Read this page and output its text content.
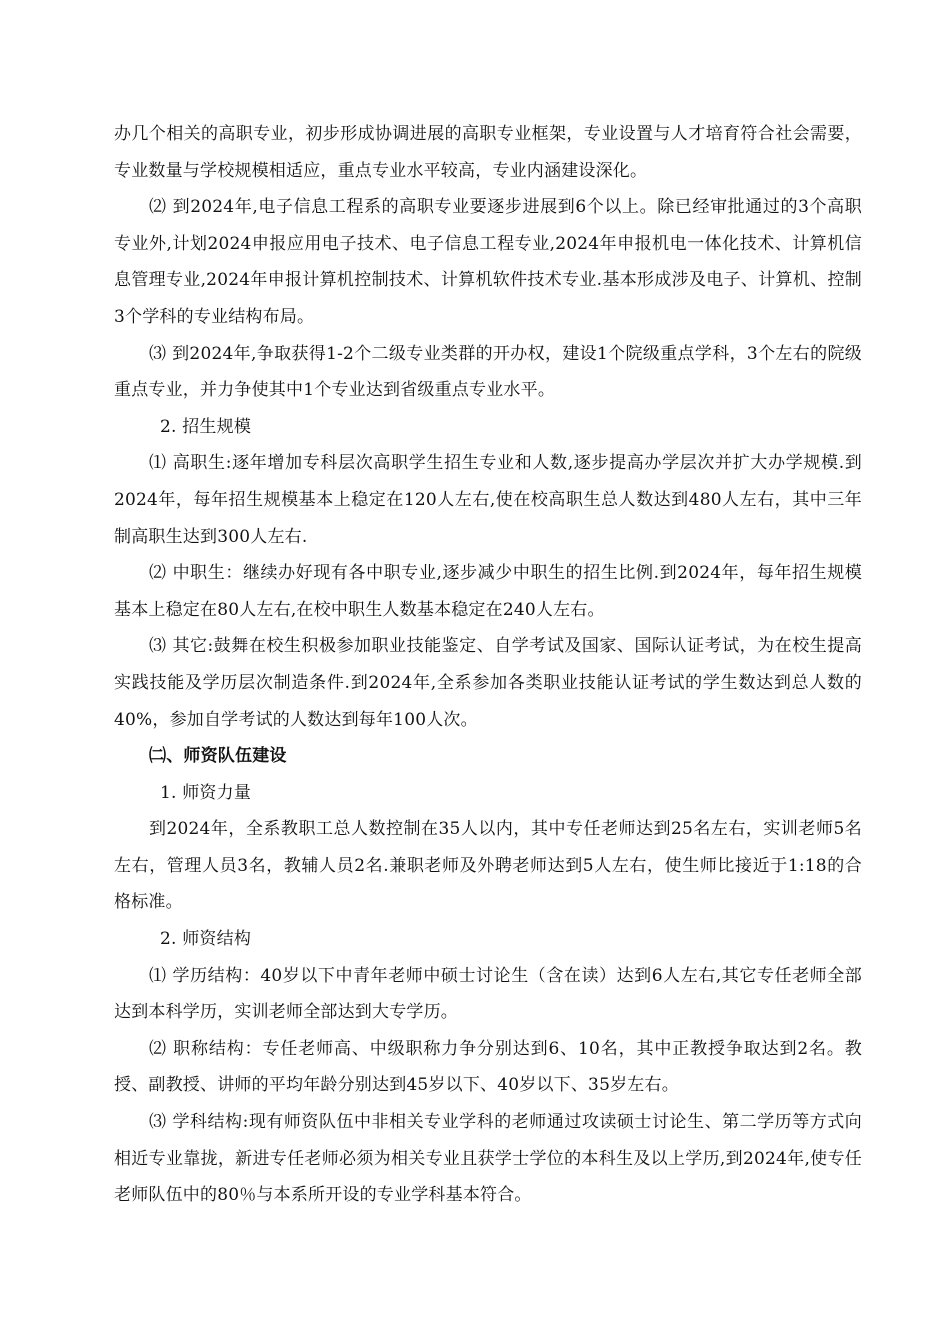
办几个相关的高职专业，初步形成协调进展的高职专业框架，专业设置与人才培育符合社会需要，专业数量与学校规模相适应，重点专业水平较高，专业内涵建设深化。

⑵ 到2024年,电子信息工程系的高职专业要逐步进展到6个以上。除已经审批通过的3个高职专业外,计划2024申报应用电子技术、电子信息工程专业,2024年申报机电一体化技术、计算机信息管理专业,2024年申报计算机控制技术、计算机软件技术专业.基本形成涉及电子、计算机、控制3个学科的专业结构布局。

⑶ 到2024年,争取获得1-2个二级专业类群的开办权，建设1个院级重点学科，3个左右的院级重点专业，并力争使其中1个专业达到省级重点专业水平。

2. 招生规模

⑴ 高职生:逐年增加专科层次高职学生招生专业和人数,逐步提高办学层次并扩大办学规模.到2024年，每年招生规模基本上稳定在120人左右,使在校高职生总人数达到480人左右，其中三年制高职生达到300人左右.

⑵ 中职生：继续办好现有各中职专业,逐步减少中职生的招生比例.到2024年，每年招生规模基本上稳定在80人左右,在校中职生人数基本稳定在240人左右。

⑶ 其它:鼓舞在校生积极参加职业技能鉴定、自学考试及国家、国际认证考试，为在校生提高实践技能及学历层次制造条件.到2024年,全系参加各类职业技能认证考试的学生数达到总人数的40%，参加自学考试的人数达到每年100人次。

㈡、师资队伍建设

1. 师资力量

到2024年，全系教职工总人数控制在35人以内，其中专任老师达到25名左右，实训老师5名左右，管理人员3名，教辅人员2名.兼职老师及外聘老师达到5人左右，使生师比接近于1:18的合格标准。

2. 师资结构

⑴ 学历结构：40岁以下中青年老师中硕士讨论生（含在读）达到6人左右,其它专任老师全部达到本科学历，实训老师全部达到大专学历。

⑵ 职称结构：专任老师高、中级职称力争分别达到6、10名，其中正教授争取达到2名。教授、副教授、讲师的平均年龄分别达到45岁以下、40岁以下、35岁左右。

⑶ 学科结构:现有师资队伍中非相关专业学科的老师通过攻读硕士讨论生、第二学历等方式向相近专业靠拢，新进专任老师必须为相关专业且获学士学位的本科生及以上学历,到2024年,使专任老师队伍中的80％与本系所开设的专业学科基本符合。
